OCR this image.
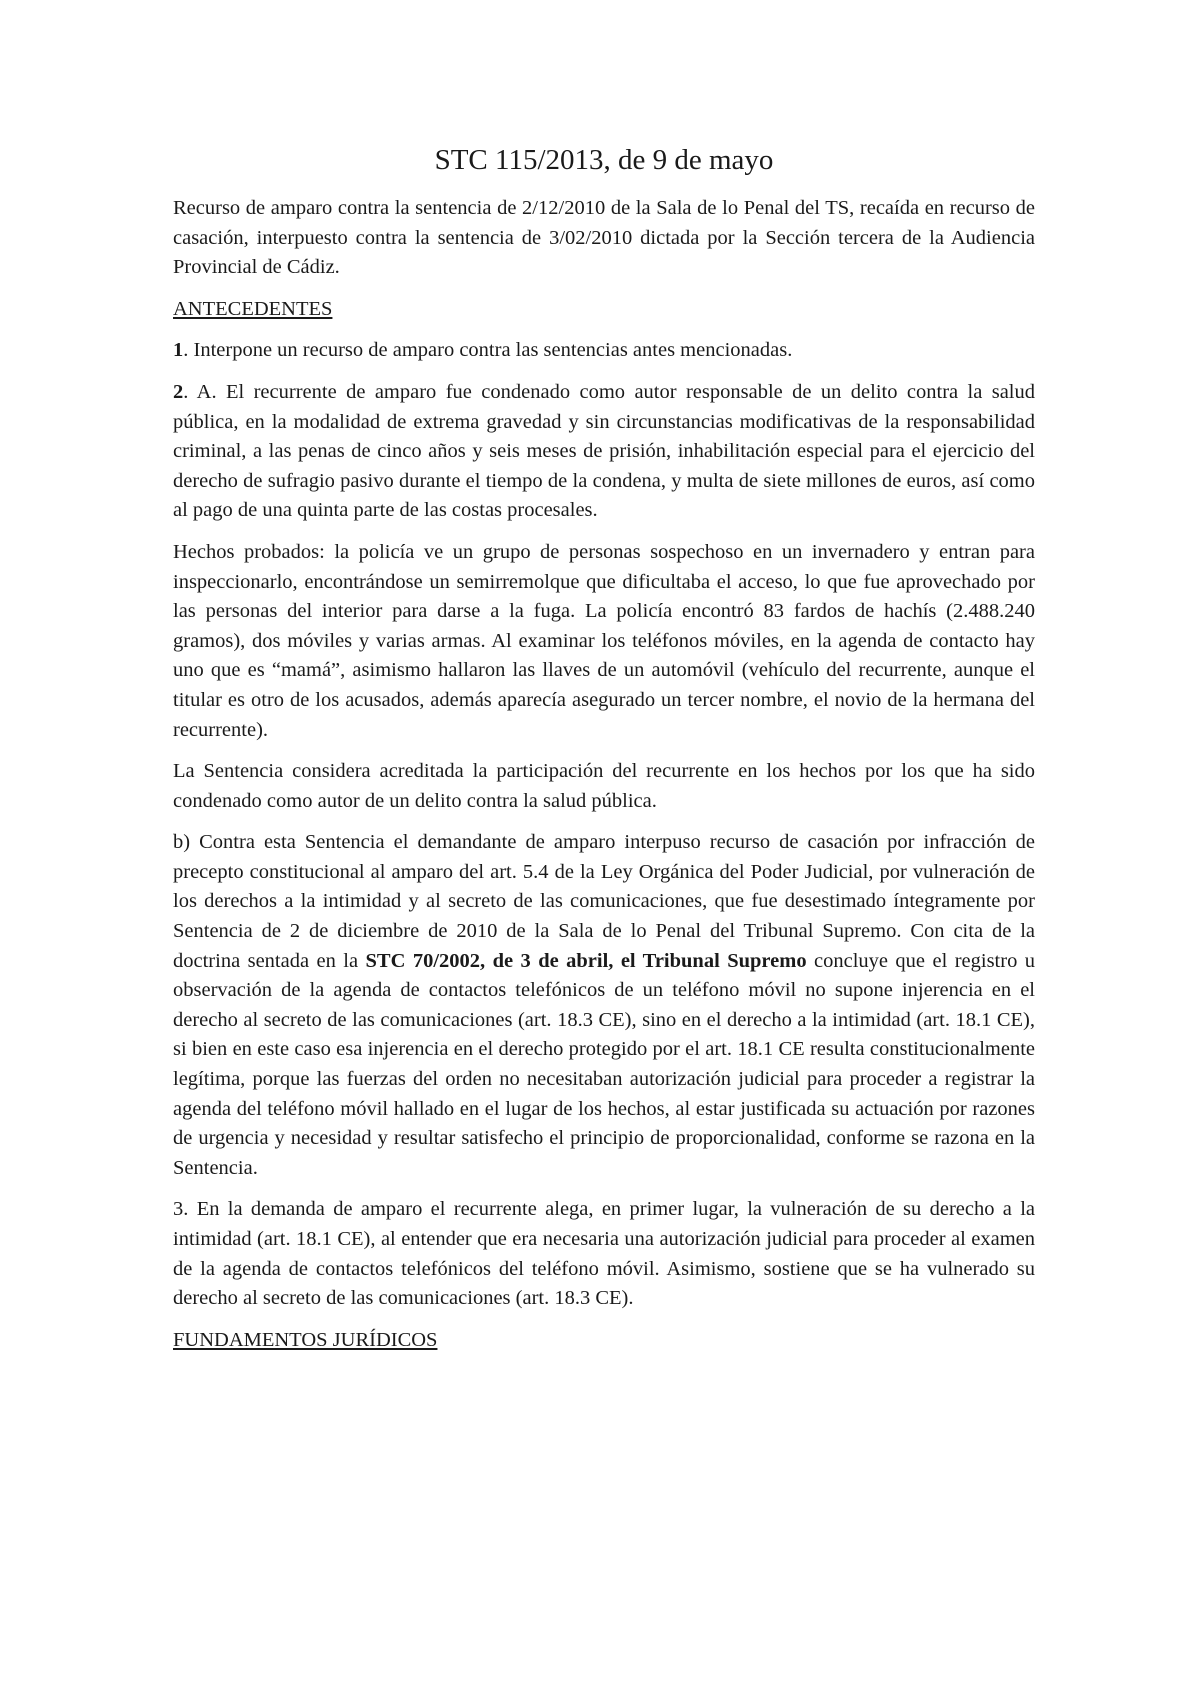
STC 115/2013, de 9 de mayo

Recurso de amparo contra la sentencia de 2/12/2010 de la Sala de lo Penal del TS, recaída en recurso de casación, interpuesto contra la sentencia de 3/02/2010 dictada por la Sección tercera de la Audiencia Provincial de Cádiz.

ANTECEDENTES

1. Interpone un recurso de amparo contra las sentencias antes mencionadas.

2. A. El recurrente de amparo fue condenado como autor responsable de un delito contra la salud pública, en la modalidad de extrema gravedad y sin circunstancias modificativas de la responsabilidad criminal, a las penas de cinco años y seis meses de prisión, inhabilitación especial para el ejercicio del derecho de sufragio pasivo durante el tiempo de la condena, y multa de siete millones de euros, así como al pago de una quinta parte de las costas procesales.

Hechos probados: la policía ve un grupo de personas sospechoso en un invernadero y entran para inspeccionarlo, encontrándose un semirremolque que dificultaba el acceso, lo que fue aprovechado por las personas del interior para darse a la fuga. La policía encontró 83 fardos de hachís (2.488.240 gramos), dos móviles y varias armas. Al examinar los teléfonos móviles, en la agenda de contacto hay uno que es “mamá”, asimismo hallaron las llaves de un automóvil (vehículo del recurrente, aunque el titular es otro de los acusados, además aparecía asegurado un tercer nombre, el novio de la hermana del recurrente).

La Sentencia considera acreditada la participación del recurrente en los hechos por los que ha sido condenado como autor de un delito contra la salud pública.

b) Contra esta Sentencia el demandante de amparo interpuso recurso de casación por infracción de precepto constitucional al amparo del art. 5.4 de la Ley Orgánica del Poder Judicial, por vulneración de los derechos a la intimidad y al secreto de las comunicaciones, que fue desestimado íntegramente por Sentencia de 2 de diciembre de 2010 de la Sala de lo Penal del Tribunal Supremo. Con cita de la doctrina sentada en la STC 70/2002, de 3 de abril, el Tribunal Supremo concluye que el registro u observación de la agenda de contactos telefónicos de un teléfono móvil no supone injerencia en el derecho al secreto de las comunicaciones (art. 18.3 CE), sino en el derecho a la intimidad (art. 18.1 CE), si bien en este caso esa injerencia en el derecho protegido por el art. 18.1 CE resulta constitucionalmente legítima, porque las fuerzas del orden no necesitaban autorización judicial para proceder a registrar la agenda del teléfono móvil hallado en el lugar de los hechos, al estar justificada su actuación por razones de urgencia y necesidad y resultar satisfecho el principio de proporcionalidad, conforme se razona en la Sentencia.

3. En la demanda de amparo el recurrente alega, en primer lugar, la vulneración de su derecho a la intimidad (art. 18.1 CE), al entender que era necesaria una autorización judicial para proceder al examen de la agenda de contactos telefónicos del teléfono móvil. Asimismo, sostiene que se ha vulnerado su derecho al secreto de las comunicaciones (art. 18.3 CE).

FUNDAMENTOS JURÍDICOS
